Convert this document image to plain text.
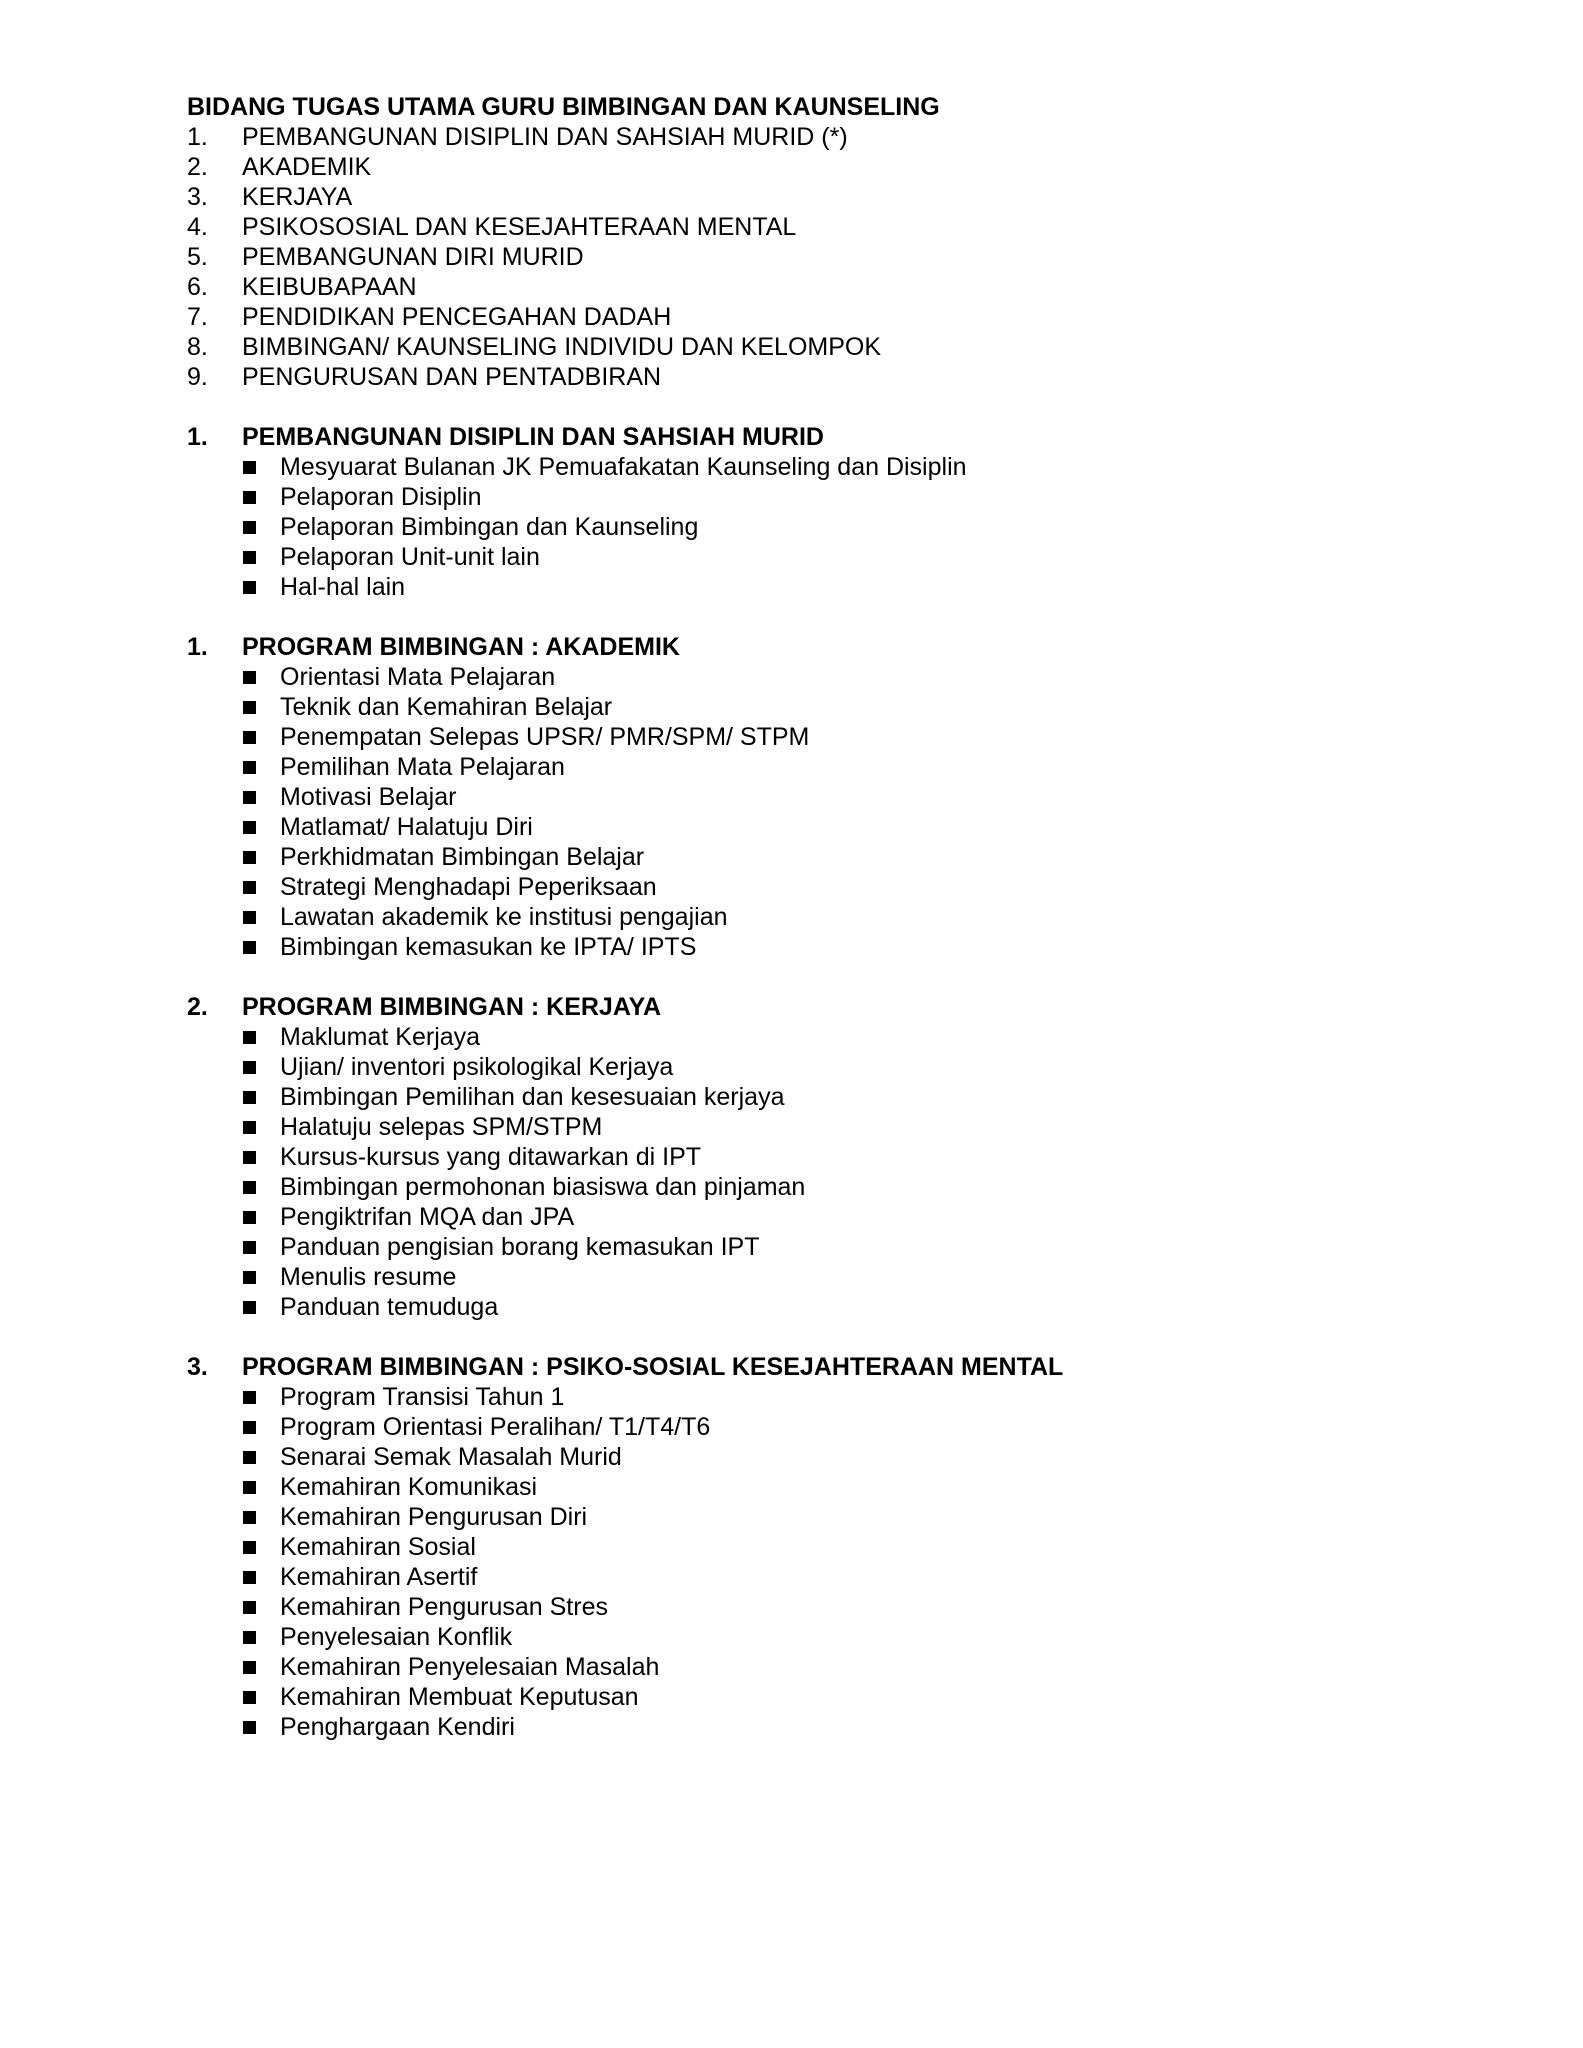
BIDANG TUGAS UTAMA GURU BIMBINGAN DAN KAUNSELING
1.	PEMBANGUNAN DISIPLIN DAN SAHSIAH MURID (*)
2.	AKADEMIK
3.	KERJAYA
4.	PSIKOSOSIAL DAN KESEJAHTERAAN MENTAL
5.	PEMBANGUNAN DIRI MURID
6.	KEIBUBAPAAN
7.	PENDIDIKAN PENCEGAHAN DADAH
8.	BIMBINGAN/ KAUNSELING INDIVIDU DAN KELOMPOK
9.	PENGURUSAN DAN PENTADBIRAN
1.	PEMBANGUNAN DISIPLIN DAN SAHSIAH MURID
Mesyuarat Bulanan JK Pemuafakatan Kaunseling dan Disiplin
Pelaporan Disiplin
Pelaporan Bimbingan dan Kaunseling
Pelaporan Unit-unit lain
Hal-hal lain
1.	PROGRAM BIMBINGAN : AKADEMIK
Orientasi Mata Pelajaran
Teknik dan Kemahiran Belajar
Penempatan Selepas UPSR/ PMR/SPM/ STPM
Pemilihan Mata Pelajaran
Motivasi Belajar
Matlamat/ Halatuju Diri
Perkhidmatan Bimbingan Belajar
Strategi Menghadapi Peperiksaan
Lawatan akademik ke institusi pengajian
Bimbingan kemasukan ke IPTA/ IPTS
2.	PROGRAM BIMBINGAN : KERJAYA
Maklumat Kerjaya
Ujian/ inventori psikologikal Kerjaya
Bimbingan Pemilihan dan kesesuaian kerjaya
Halatuju selepas SPM/STPM
Kursus-kursus yang ditawarkan di IPT
Bimbingan permohonan biasiswa dan pinjaman
Pengiktrifan MQA dan JPA
Panduan pengisian borang kemasukan IPT
Menulis resume
Panduan temuduga
3.	PROGRAM BIMBINGAN : PSIKO-SOSIAL KESEJAHTERAAN MENTAL
Program Transisi Tahun 1
Program Orientasi Peralihan/ T1/T4/T6
Senarai Semak Masalah Murid
Kemahiran Komunikasi
Kemahiran Pengurusan Diri
Kemahiran Sosial
Kemahiran Asertif
Kemahiran Pengurusan Stres
Penyelesaian Konflik
Kemahiran Penyelesaian Masalah
Kemahiran Membuat Keputusan
Penghargaan Kendiri
